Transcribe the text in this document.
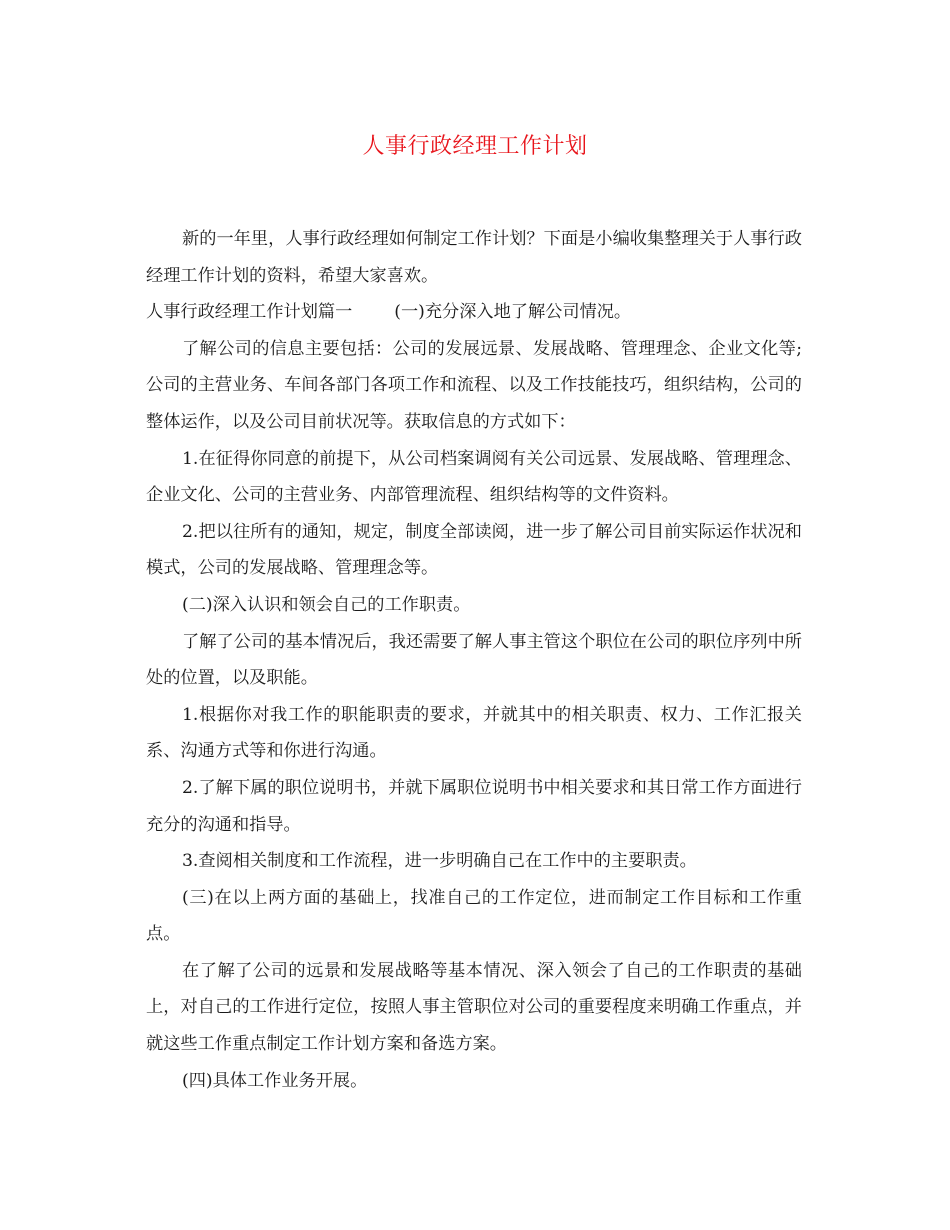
人事行政经理工作计划

新的一年里，人事行政经理如何制定工作计划？下面是小编收集整理关于人事行政经理工作计划的资料，希望大家喜欢。

人事行政经理工作计划篇一 (一)充分深入地了解公司情况。

了解公司的信息主要包括：公司的发展远景、发展战略、管理理念、企业文化等;公司的主营业务、车间各部门各项工作和流程、以及工作技能技巧，组织结构，公司的整体运作，以及公司目前状况等。获取信息的方式如下：

1.在征得你同意的前提下，从公司档案调阅有关公司远景、发展战略、管理理念、企业文化、公司的主营业务、内部管理流程、组织结构等的文件资料。

2.把以往所有的通知，规定，制度全部读阅，进一步了解公司目前实际运作状况和模式，公司的发展战略、管理理念等。

(二)深入认识和领会自己的工作职责。

了解了公司的基本情况后，我还需要了解人事主管这个职位在公司的职位序列中所处的位置，以及职能。

1.根据你对我工作的职能职责的要求，并就其中的相关职责、权力、工作汇报关系、沟通方式等和你进行沟通。

2.了解下属的职位说明书，并就下属职位说明书中相关要求和其日常工作方面进行充分的沟通和指导。

3.查阅相关制度和工作流程，进一步明确自己在工作中的主要职责。

(三)在以上两方面的基础上，找准自己的工作定位，进而制定工作目标和工作重点。

在了解了公司的远景和发展战略等基本情况、深入领会了自己的工作职责的基础上，对自己的工作进行定位，按照人事主管职位对公司的重要程度来明确工作重点，并就这些工作重点制定工作计划方案和备选方案。

(四)具体工作业务开展。
